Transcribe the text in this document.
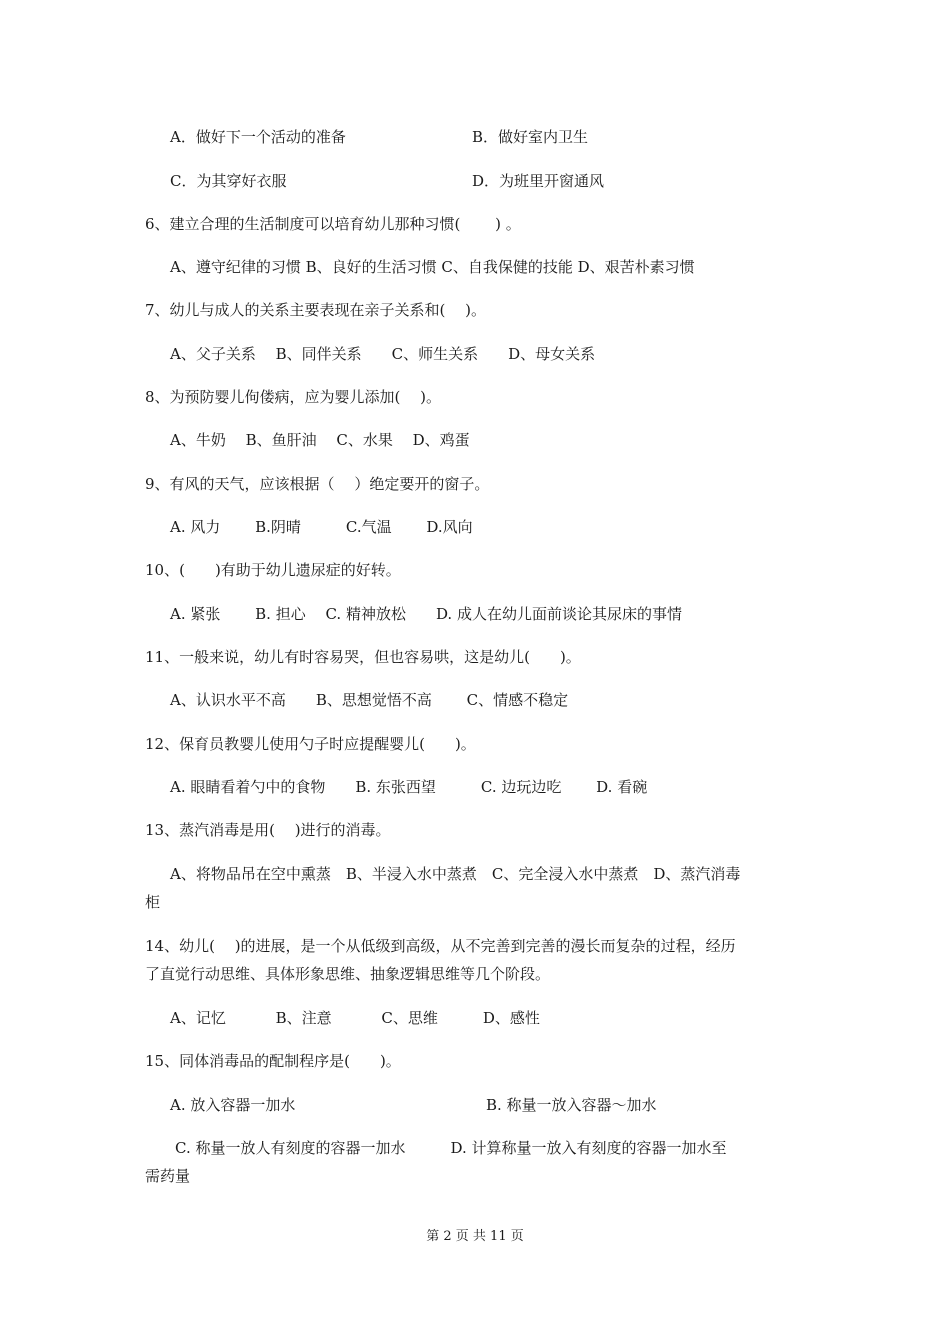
A．做好下一个活动的准备	B．做好室内卫生
C．为其穿好衣服	D．为班里开窗通风
6、建立合理的生活制度可以培育幼儿那种习惯(　　 ) 。
A、遵守纪律的习惯 B、良好的生活习惯 C、自我保健的技能 D、艰苦朴素习惯
7、幼儿与成人的关系主要表现在亲子关系和(　 )。
A、父子关系　 B、同伴关系　　C、师生关系　　D、母女关系
8、为预防婴儿佝偻病，应为婴儿添加(　 )。
A、牛奶　 B、鱼肝油　 C、水果　 D、鸡蛋
9、有风的天气，应该根据（　 ）绝定要开的窗子。
A. 风力　　 B.阴晴　　　C.气温　　 D.风向
10、(　　)有助于幼儿遗尿症的好转。
A. 紧张　　 B. 担心　 C. 精神放松　　D. 成人在幼儿面前谈论其尿床的事情
11、一般来说，幼儿有时容易哭，但也容易哄，这是幼儿(　　)。
A、认识水平不高　　B、思想觉悟不高　　 C、情感不稳定
12、保育员教婴儿使用勺子时应提醒婴儿(　　)。
A. 眼睛看着勺中的食物　　B. 东张西望　　　C. 边玩边吃　　 D. 看碗
13、蒸汽消毒是用(　 )进行的消毒。
A、将物品吊在空中熏蒸　B、半浸入水中蒸煮　C、完全浸入水中蒸煮　D、蒸汽消毒
柜
14、幼儿(　 )的进展，是一个从低级到高级，从不完善到完善的漫长而复杂的过程，经历
了直觉行动思维、具体形象思维、抽象逻辑思维等几个阶段。
A、记忆　　　 B、注意　　　 C、思维　　　D、感性
15、同体消毒品的配制程序是(　　)。
A. 放入容器一加水	B. 称量一放入容器～加水
C. 称量一放人有刻度的容器一加水　　　D. 计算称量一放入有刻度的容器一加水至
需药量
第 2 页 共 11 页
